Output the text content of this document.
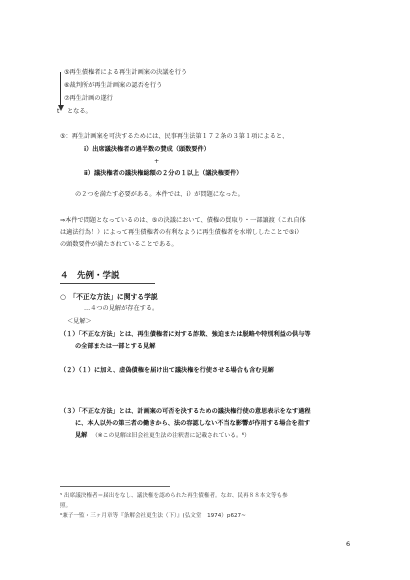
⑤再生債権者による再生計画案の決議を行う
⑥裁判所が再生計画案の認否を行う
⑦再生計画の遂行
t となる。
⑤：再生計画案を可決するためには、民事再生法第１７２条の３第１項によると、
ⅰ）出席議決権者の過半数の賛成（頭数要件）
+
ⅱ）議決権者の議決権総額の２分の１以上（議決権要件）
の２つを満たす必要がある。本件では、ⅰ）が問題になった。
⇒本件で問題となっているのは、⑤の決議において、債権の買取り・一部譲渡（これ自体
は適法行為！）によって再生債権者の有利なように再生債権者を水増ししたことで⑤ⅰ）
の頭数要件が満たされていることである。
４　先例・学説
○　「不正な方法」に関する学説
…４つの見解が存在する。
＜見解＞
（１）「不正な方法」とは、再生債権者に対する詐欺、強迫または脱略や特別利益の供与等
の全部または一部とする見解
（２）（１）に加え、虚偽債権を届け出て議決権を行使させる場合も含む見解
（３）「不正な方法」とは、計画案の可否を決するための議決権行使の意思表示をなす過程
に、本人以外の第三者の働きから、法の容認しない不当な影響が作用する場合を指す
見解 （※この見解は旧会社更生法の注釈書に記載されている。⁶）
⁵ 出席議決権者＝届出をなし、議決権を認められた再生債権者。なお、民再８８本文等も参
照。
⁶兼子一監・三ヶ月章等『条解会社更生法（下）』(弘文堂　1974）p627~
6
